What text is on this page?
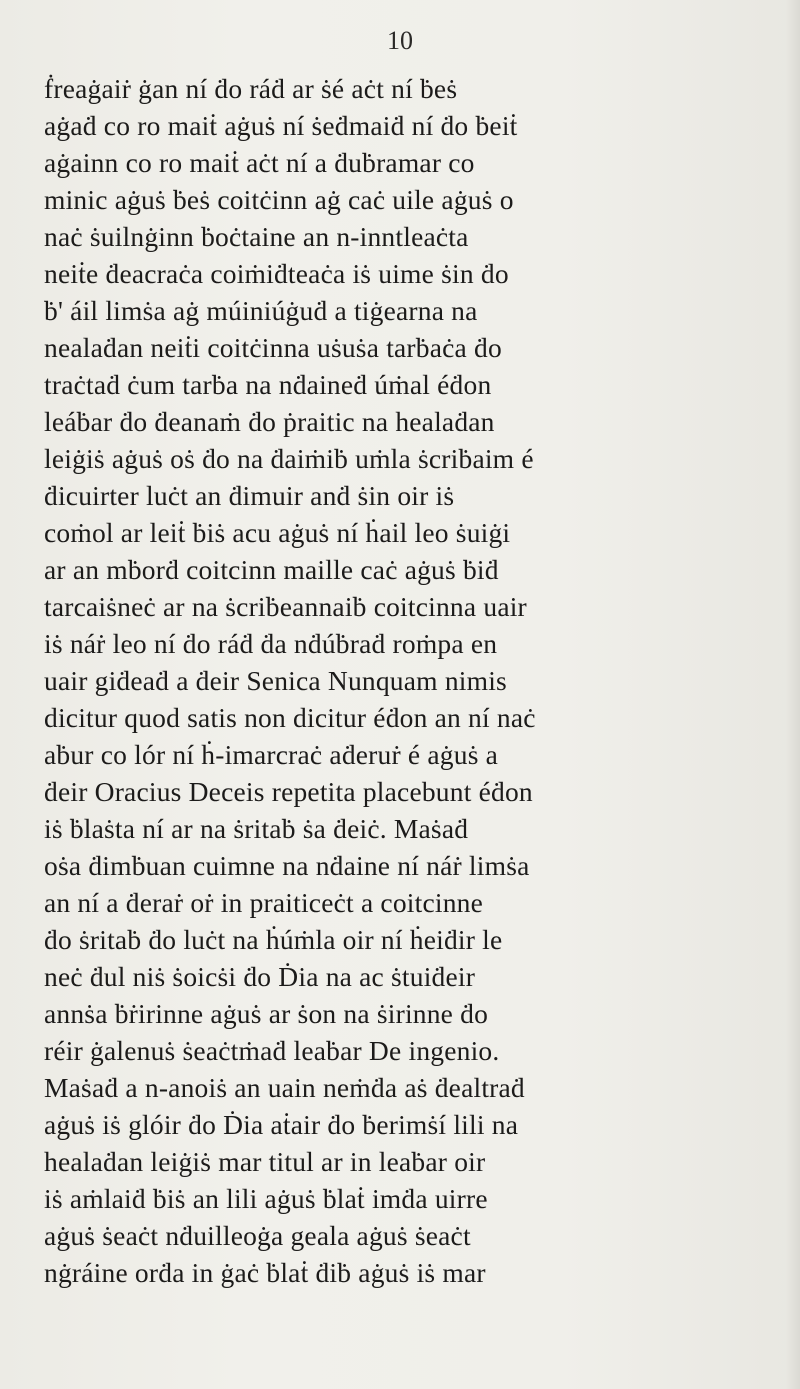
10
ḟreaġaiṙ ġan ní ḋo ráḋ ar ṡé aċt ní ḃeṡ
aġaḋ co ro maiṫ aġuṡ ní ṡeḋmaiḋ ní ḋo ḃeiṫ
aġainn co ro maiṫ aċt ní a ḋuḃramar co
minic aġuṡ ḃeṡ coitċinn aġ caċ uile aġuṡ o
naċ ṡuilnġinn ḃoċtaine an n-inntleaċta
neiṫe ḋeacraċa coiṁiḋteaċa iṡ uime ṡin ḋo
ḃ' áil limṡa aġ múiniúġuḋ a tiġearna na
nealaḋan neiṫi coitċinna uṡuṡa tarḃaċa ḋo
traċtaḋ ċum tarḃa na nḋaineḋ úṁal éḋon
leáḃar ḋo ḋeanaṁ ḋo ṗraitic na healaḋan
leiġiṡ aġuṡ oṡ ḋo na ḋaiṁiḃ uṁla ṡcriḃaim é
ḋicuirter luċt an ḋimuir anḋ ṡin oir iṡ
coṁol ar leiṫ ḃiṡ acu aġuṡ ní ḣail leo ṡuiġi
ar an mḃorḋ coitcinn maille caċ aġuṡ ḃiḋ
tarcaiṡneċ ar na ṡcriḃeannaiḃ coitcinna uair
iṡ náṙ leo ní ḋo ráḋ ḋa nḋúḃraḋ roṁpa en
uair giḋeaḋ a ḋeir Senica Nunquam nimis
dicitur quod satis non dicitur éḋon an ní naċ
aḃur co lór ní ḣ-imarcraċ aḋeruṙ é aġuṡ a
ḋeir Oracius Deceis repetita placebunt éḋon
iṡ ḃlaṡta ní ar na ṡritaḃ ṡa ḋeiċ. Maṡaḋ
oṡa ḋimḃuan cuimne na nḋaine ní náṙ limṡa
an ní a ḋeraṙ oṙ in praiticeċt a coitcinne
ḋo ṡritaḃ ḋo luċt na ḣúṁla oir ní ḣeiḋir le
neċ ḋul niṡ ṡoicṡi ḋo Ḋia na ac ṡtuiḋeir
annṡa ḃṙirinne aġuṡ ar ṡon na ṡirinne ḋo
réir ġalenuṡ ṡeaċtṁaḋ leaḃar De ingenio.
Maṡaḋ a n-anoiṡ an uain neṁḋa aṡ ḋealtraḋ
aġuṡ iṡ glóir ḋo Ḋia aṫair ḋo ḃerimṡí lili na
healaḋan leiġiṡ mar titul ar in leaḃar oir
iṡ aṁlaiḋ ḃiṡ an lili aġuṡ ḃlaṫ imḋa uirre
aġuṡ ṡeaċt nḋuilleoġa geala aġuṡ ṡeaċt
nġráine orḋa in ġaċ ḃlaṫ ḋiḃ aġuṡ iṡ mar
